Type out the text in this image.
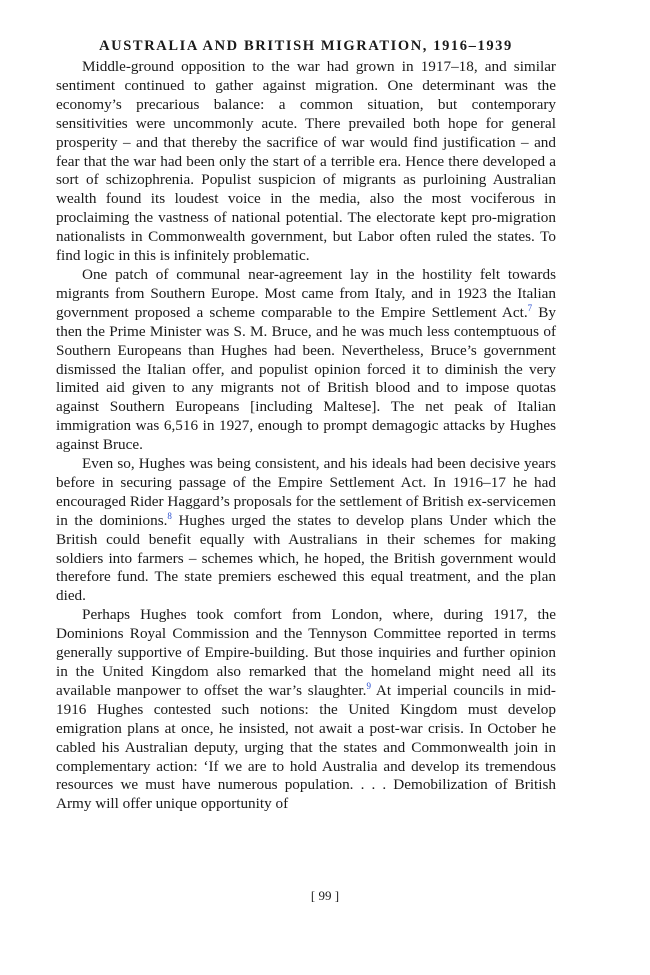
AUSTRALIA AND BRITISH MIGRATION, 1916–1939

Middle-ground opposition to the war had grown in 1917–18, and similar sentiment continued to gather against migration. One determinant was the economy’s precarious balance: a common situation, but contemporary sensitivities were uncommonly acute. There prevailed both hope for general prosperity – and that thereby the sacrifice of war would find justification – and fear that the war had been only the start of a terrible era. Hence there developed a sort of schizophrenia. Populist suspicion of migrants as purloining Australian wealth found its loudest voice in the media, also the most vociferous in proclaiming the vastness of national potential. The electorate kept pro-migration nationalists in Commonwealth government, but Labor often ruled the states. To find logic in this is infinitely problematic.

One patch of communal near-agreement lay in the hostility felt towards migrants from Southern Europe. Most came from Italy, and in 1923 the Italian government proposed a scheme comparable to the Empire Settlement Act.$^7$ By then the Prime Minister was S. M. Bruce, and he was much less contemptuous of Southern Europeans than Hughes had been. Nevertheless, Bruce’s government dismissed the Italian offer, and populist opinion forced it to diminish the very limited aid given to any migrants not of British blood and to impose quotas against Southern Europeans [including Maltese]. The net peak of Italian immigration was 6,516 in 1927, enough to prompt demagogic attacks by Hughes against Bruce.

Even so, Hughes was being consistent, and his ideals had been decisive years before in securing passage of the Empire Settlement Act. In 1916–17 he had encouraged Rider Haggard’s proposals for the settlement of British ex-servicemen in the dominions.$^8$ Hughes urged the states to develop plans Under which the British could benefit equally with Australians in their schemes for making soldiers into farmers – schemes which, he hoped, the British government would therefore fund. The state premiers eschewed this equal treatment, and the plan died.

Perhaps Hughes took comfort from London, where, during 1917, the Dominions Royal Commission and the Tennyson Committee reported in terms generally supportive of Empire-building. But those inquiries and further opinion in the United Kingdom also remarked that the homeland might need all its available manpower to offset the war’s slaughter.$^9$ At imperial councils in mid-1916 Hughes contested such notions: the United Kingdom must develop emigration plans at once, he insisted, not await a post-war crisis. In October he cabled his Australian deputy, urging that the states and Commonwealth join in complementary action: ‘If we are to hold Australia and develop its tremendous resources we must have numerous population. . . . Demobilization of British Army will offer unique opportunity of

[ 99 ]
